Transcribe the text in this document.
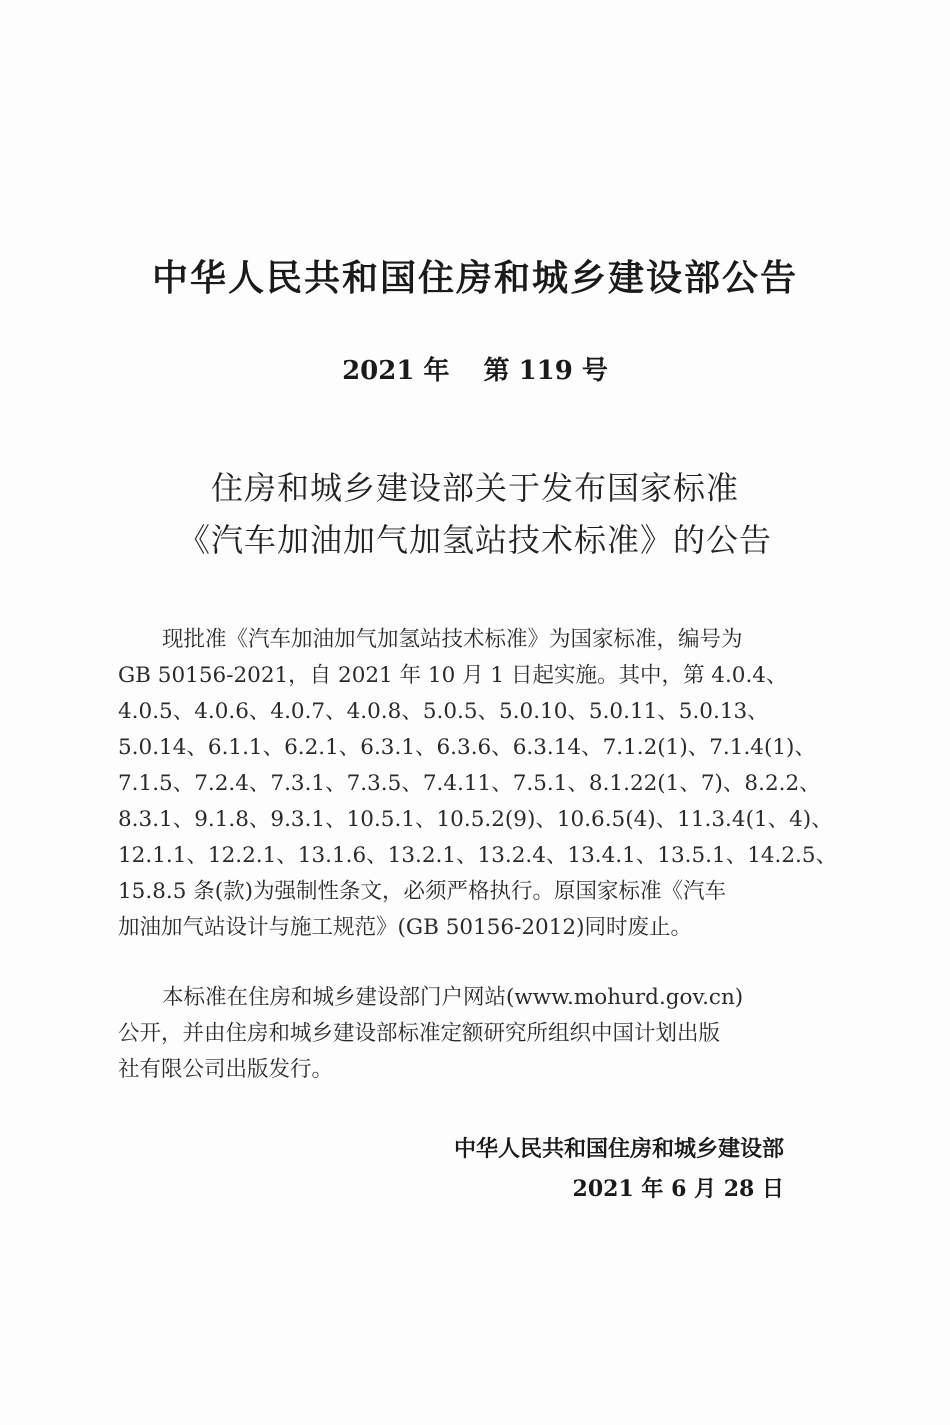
中华人民共和国住房和城乡建设部公告
2021 年 第 119 号
住房和城乡建设部关于发布国家标准
《汽车加油加气加氢站技术标准》的公告
现批准《汽车加油加气加氢站技术标准》为国家标准，编号为
GB 50156-2021，自 2021 年 10 月 1 日起实施。其中，第 4.0.4、
4.0.5、4.0.6、4.0.7、4.0.8、5.0.5、5.0.10、5.0.11、5.0.13、
5.0.14、6.1.1、6.2.1、6.3.1、6.3.6、6.3.14、7.1.2(1)、7.1.4(1)、
7.1.5、7.2.4、7.3.1、7.3.5、7.4.11、7.5.1、8.1.22(1、7)、8.2.2、
8.3.1、9.1.8、9.3.1、10.5.1、10.5.2(9)、10.6.5(4)、11.3.4(1、4)、
12.1.1、12.2.1、13.1.6、13.2.1、13.2.4、13.4.1、13.5.1、14.2.5、
15.8.5 条(款)为强制性条文，必须严格执行。原国家标准《汽车
加油加气站设计与施工规范》(GB 50156-2012)同时废止。
本标准在住房和城乡建设部门户网站(www.mohurd.gov.cn)
公开，并由住房和城乡建设部标准定额研究所组织中国计划出版
社有限公司出版发行。
中华人民共和国住房和城乡建设部
2021 年 6 月 28 日
